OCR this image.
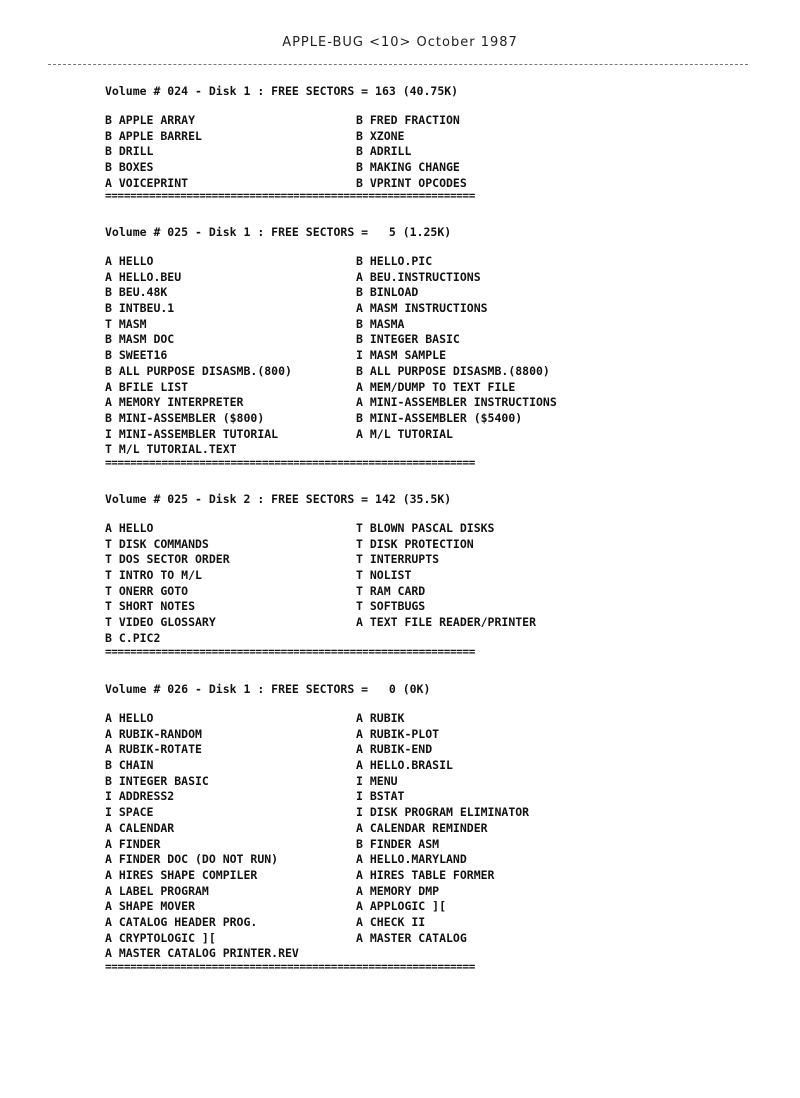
APPLE-BUG <10> October 1987
Volume # 024 - Disk 1 : FREE SECTORS = 163 (40.75K)
B APPLE ARRAY	B FRED FRACTION
B APPLE BARREL	B XZONE
B DRILL	B ADRILL
B BOXES	B MAKING CHANGE
A VOICEPRINT	B VPRINT OPCODES
===========================================================
Volume # 025 - Disk 1 : FREE SECTORS =   5 (1.25K)
A HELLO	B HELLO.PIC
A HELLO.BEU	A BEU.INSTRUCTIONS
B BEU.48K	B BINLOAD
B INTBEU.1	A MASM INSTRUCTIONS
T MASM	B MASMA
B MASM DOC	B INTEGER BASIC
B SWEET16	I MASM SAMPLE
B ALL PURPOSE DISASMB.(800)	B ALL PURPOSE DISASMB.(8800)
A BFILE LIST	A MEM/DUMP TO TEXT FILE
A MEMORY INTERPRETER	A MINI-ASSEMBLER INSTRUCTIONS
B MINI-ASSEMBLER ($800)	B MINI-ASSEMBLER ($5400)
I MINI-ASSEMBLER TUTORIAL	A M/L TUTORIAL
T M/L TUTORIAL.TEXT
===========================================================
Volume # 025 - Disk 2 : FREE SECTORS = 142 (35.5K)
A HELLO	T BLOWN PASCAL DISKS
T DISK COMMANDS	T DISK PROTECTION
T DOS SECTOR ORDER	T INTERRUPTS
T INTRO TO M/L	T NOLIST
T ONERR GOTO	T RAM CARD
T SHORT NOTES	T SOFTBUGS
T VIDEO GLOSSARY	A TEXT FILE READER/PRINTER
B C.PIC2
===========================================================
Volume # 026 - Disk 1 : FREE SECTORS =   0 (0K)
A HELLO	A RUBIK
A RUBIK-RANDOM	A RUBIK-PLOT
A RUBIK-ROTATE	A RUBIK-END
B CHAIN	A HELLO.BRASIL
B INTEGER BASIC	I MENU
I ADDRESS2	I BSTAT
I SPACE	I DISK PROGRAM ELIMINATOR
A CALENDAR	A CALENDAR REMINDER
A FINDER	B FINDER ASM
A FINDER DOC (DO NOT RUN)	A HELLO.MARYLAND
A HIRES SHAPE COMPILER	A HIRES TABLE FORMER
A LABEL PROGRAM	A MEMORY DMP
A SHAPE MOVER	A APPLOGIC ][
A CATALOG HEADER PROG.	A CHECK II
A CRYPTOLOGIC ][	A MASTER CATALOG
A MASTER CATALOG PRINTER.REV
===========================================================
